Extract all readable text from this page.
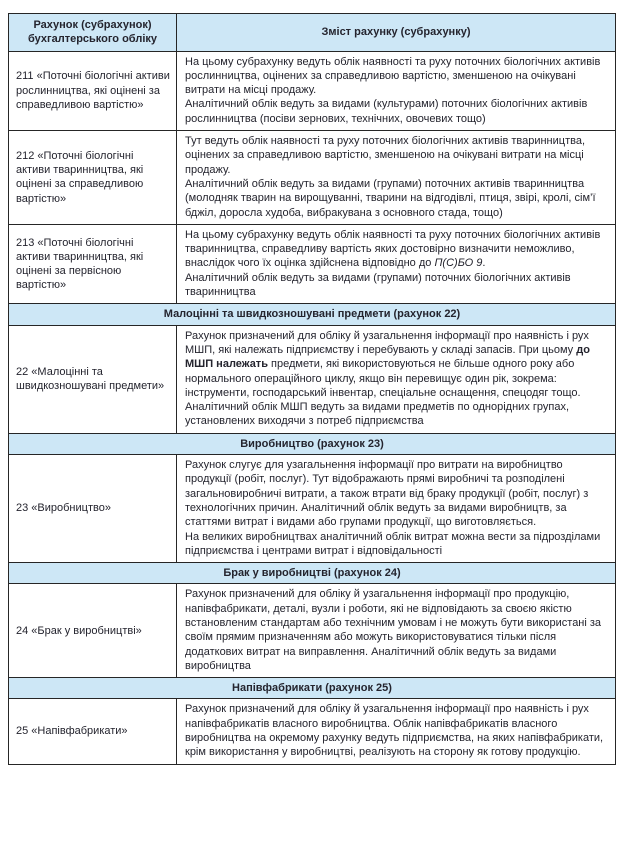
Рахунок (субрахунок) бухгалтерського обліку	Зміст рахунку (субрахунку)
211 «Поточні біологічні активи рослинництва, які оцінені за справедливою вартістю»	На цьому субрахунку ведуть облік наявності та руху поточних біологічних активів рослинництва, оцінених за справедливою вартістю, зменшеною на очікувані витрати на місці продажу.
Аналітичний облік ведуть за видами (культурами) поточних біологічних активів рослинництва (посіви зернових, технічних, овочевих тощо)

212 «Поточні біологічні активи тваринництва, які оцінені за справедливою вартістю»	Тут ведуть облік наявності та руху поточних біологічних активів тваринництва, оцінених за справедливою вартістю, зменшеною на очікувані витрати на місці продажу.
Аналітичний облік ведуть за видами (групами) поточних активів тваринництва (молодняк тварин на вирощуванні, тварини на відгодівлі, птиця, звірі, кролі, сім’ї бджіл, доросла худоба, вибракувана з основного стада, тощо)

213 «Поточні біологічні активи тваринництва, які оцінені за первісною вартістю»	На цьому субрахунку ведуть облік наявності та руху поточних біологічних активів тваринництва, справедливу вартість яких достовірно визначити неможливо, внаслідок чого їх оцінка здійснена відповідно до П(С)БО 9.
Аналітичний облік ведуть за видами (групами) поточних біологічних активів тваринництва

Малоцінні та швидкозношувані предмети (рахунок 22)	
22 «Малоцінні та швидкозношувані предмети»	Рахунок призначений для обліку й узагальнення інформації про наявність і рух МШП, які належать підприємству і перебувають у складі запасів. При цьому до МШП належать предмети, які використовуються не більше одного року або нормального операційного циклу, якщо він перевищує один рік, зокрема: інструменти, господарський інвентар, спеціальне оснащення, спецодяг тощо.
Аналітичний облік МШП ведуть за видами предметів по однорідних групах, установлених виходячи з потреб підприємства

Виробництво (рахунок 23)	
23 «Виробництво»	Рахунок слугує для узагальнення інформації про витрати на виробництво продукції (робіт, послуг). Тут відображають прямі виробничі та розподілені загальновиробничі витрати, а також втрати від браку продукції (робіт, послуг) з технологічних причин. Аналітичний облік ведуть за видами виробництв, за статтями витрат і видами або групами продукції, що виготовляється.
На великих виробництвах аналітичний облік витрат можна вести за підрозділами підприємства і центрами витрат і відповідальності

Брак у виробництві (рахунок 24)	
24 «Брак у виробництві»	Рахунок призначений для обліку й узагальнення інформації про продукцію, напівфабрикати, деталі, вузли і роботи, які не відповідають за своєю якістю встановленим стандартам або технічним умовам і не можуть бути використані за своїм прямим призначенням або можуть використовуватися тільки після додаткових витрат на виправлення. Аналітичний облік ведуть за видами виробництва

Напівфабрикати (рахунок 25)	
25 «Напівфабрикати»	Рахунок призначений для обліку й узагальнення інформації про наявність і рух напівфабрикатів власного виробництва. Облік напівфабрикатів власного виробництва на окремому рахунку ведуть підприємства, на яких напівфабрикати, крім використання у виробництві, реалізують на сторону як готову продукцію.
